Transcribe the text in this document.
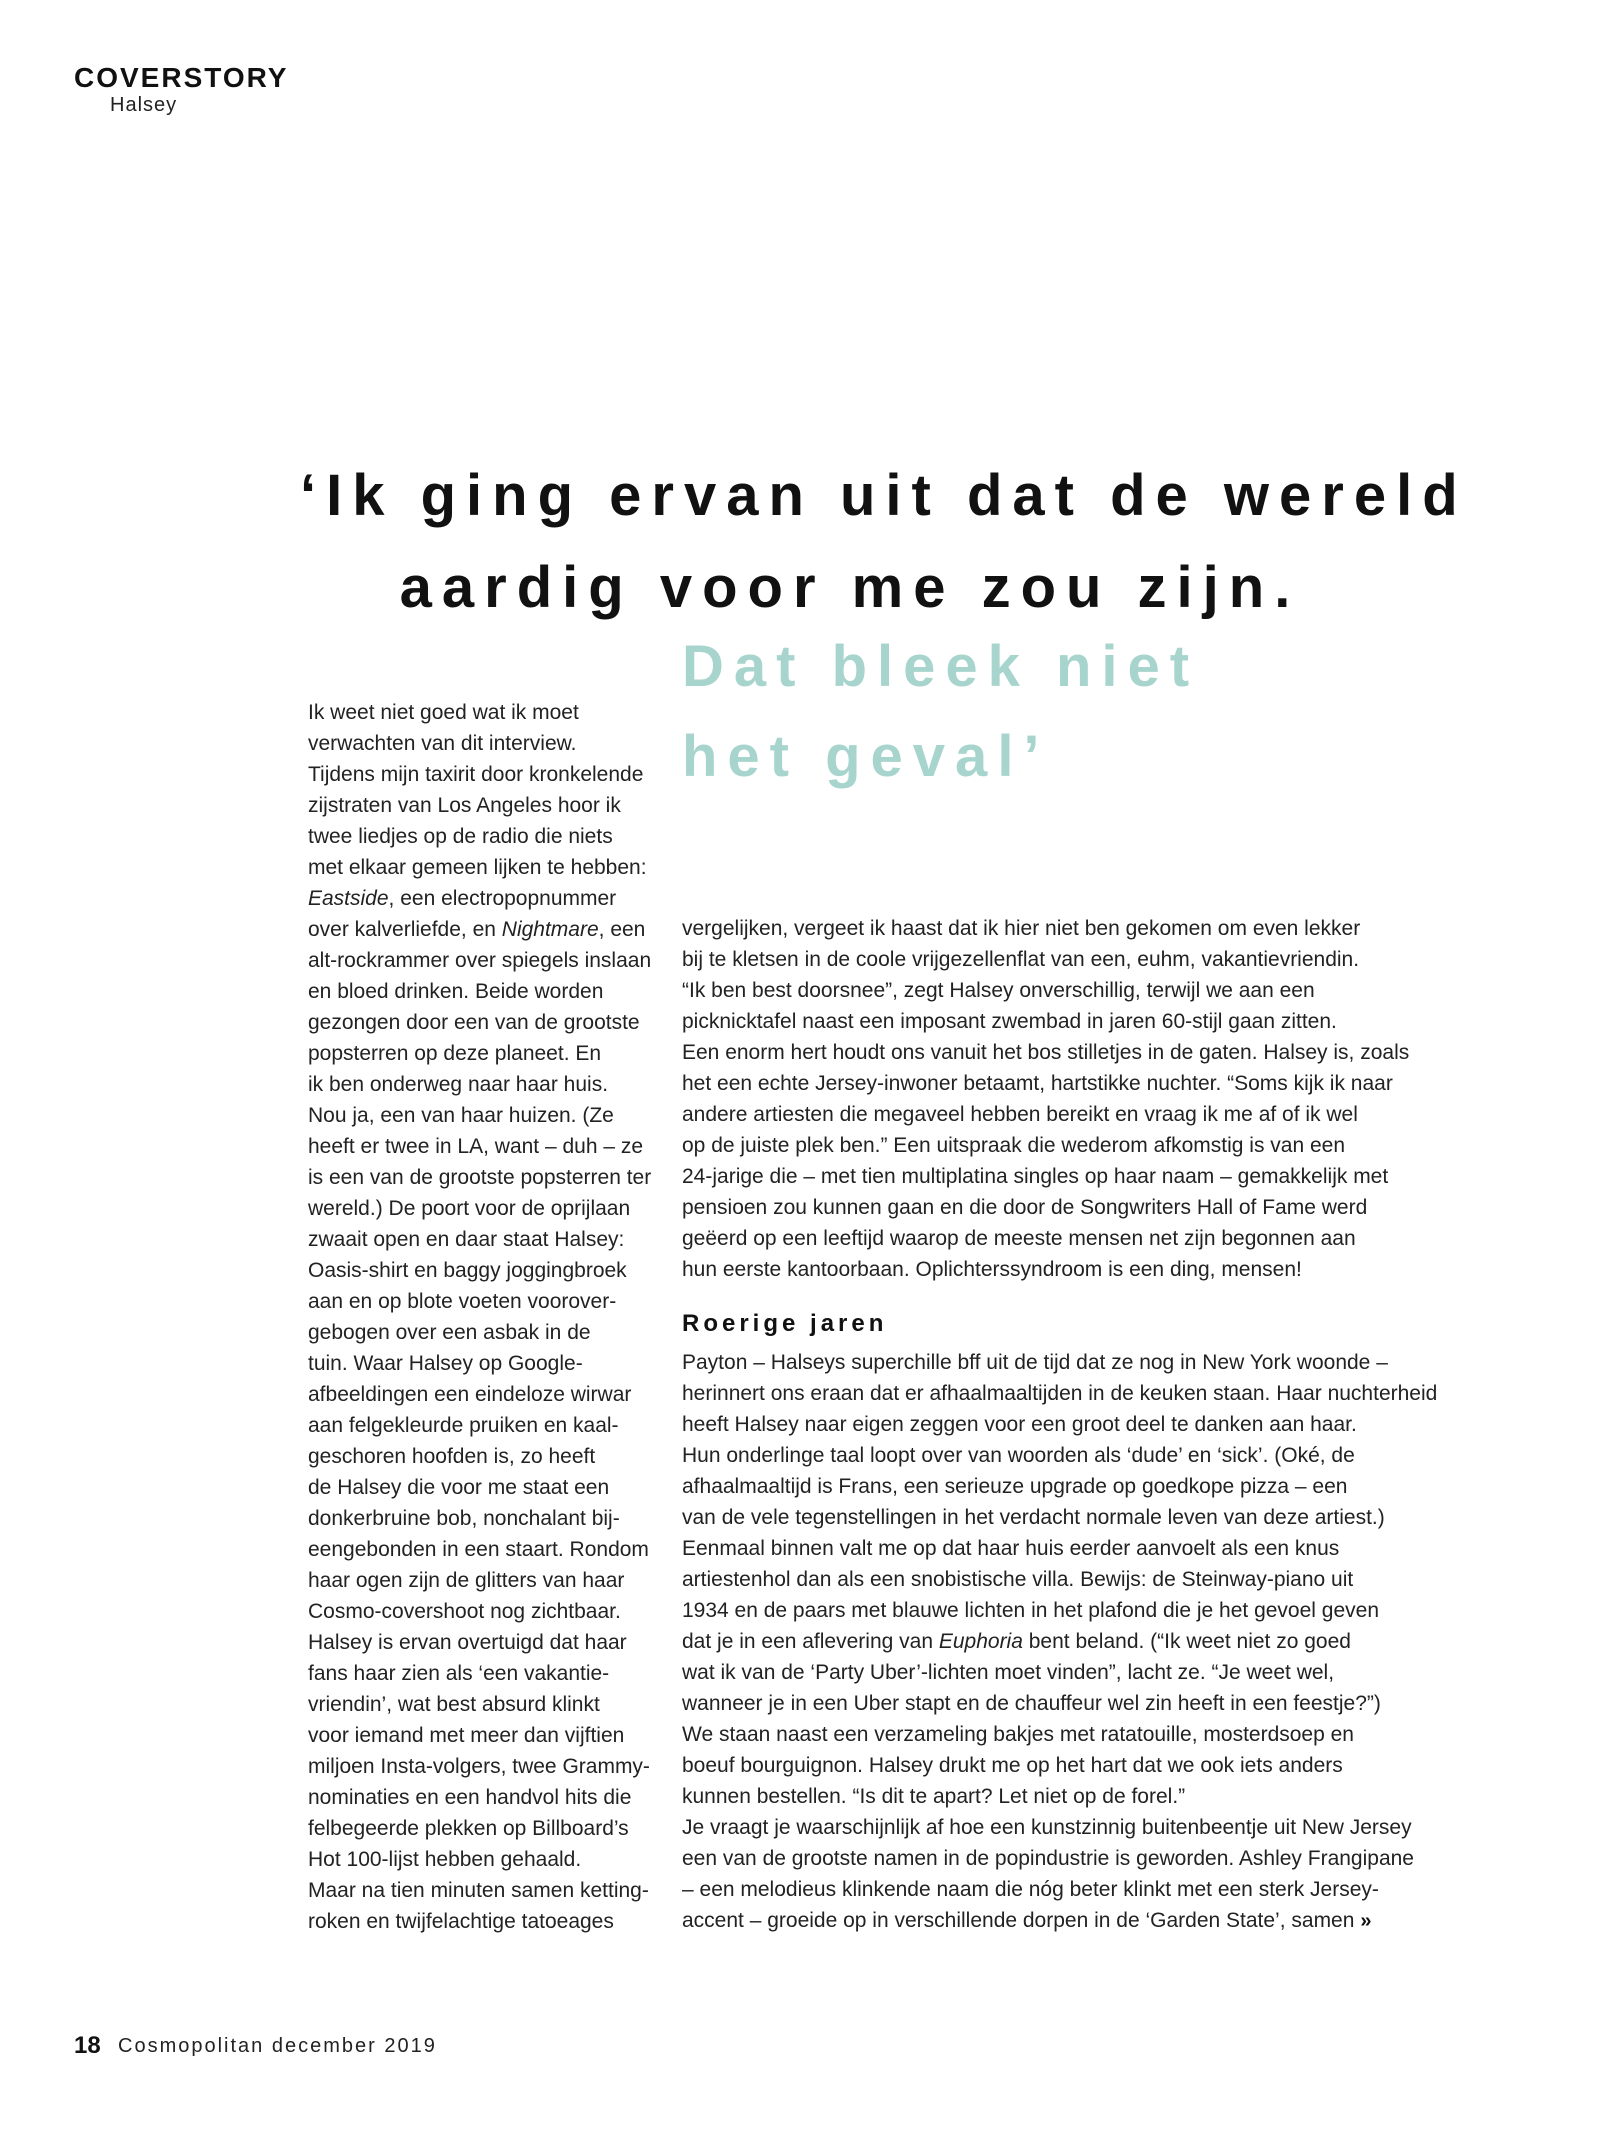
COVERSTORY
Halsey
‘Ik ging ervan uit dat de wereld
aardig voor me zou zijn.
Dat bleek niet
het geval’
Ik weet niet goed wat ik moet
verwachten van dit interview.
Tijdens mijn taxirit door kronkelende
zijstraten van Los Angeles hoor ik
twee liedjes op de radio die niets
met elkaar gemeen lijken te hebben:
Eastside, een electropopnummer
over kalverliefde, en Nightmare, een
alt-rockrammer over spiegels inslaan
en bloed drinken. Beide worden
gezongen door een van de grootste
popsterren op deze planeet. En
ik ben onderweg naar haar huis.
Nou ja, een van haar huizen. (Ze
heeft er twee in LA, want – duh – ze
is een van de grootste popsterren ter
wereld.) De poort voor de oprijlaan
zwaait open en daar staat Halsey:
Oasis-shirt en baggy joggingbroek
aan en op blote voeten voorover-
gebogen over een asbak in de
tuin. Waar Halsey op Google-
afbeeldingen een eindeloze wirwar
aan felgekleurde pruiken en kaal-
geschoren hoofden is, zo heeft
de Halsey die voor me staat een
donkerbruine bob, nonchalant bij-
eengebonden in een staart. Rondom
haar ogen zijn de glitters van haar
Cosmo-covershoot nog zichtbaar.
Halsey is ervan overtuigd dat haar
fans haar zien als ‘een vakantie-
vriendin’, wat best absurd klinkt
voor iemand met meer dan vijftien
miljoen Insta-volgers, twee Grammy-
nominaties en een handvol hits die
felbegeerde plekken op Billboard’s
Hot 100-lijst hebben gehaald.
Maar na tien minuten samen ketting-
roken en twijfelachtige tatoeages
vergelijken, vergeet ik haast dat ik hier niet ben gekomen om even lekker
bij te kletsen in de coole vrijgezellenflat van een, euhm, vakantievriendin.
“Ik ben best doorsnee”, zegt Halsey onverschillig, terwijl we aan een
picknicktafel naast een imposant zwembad in jaren 60-stijl gaan zitten.
Een enorm hert houdt ons vanuit het bos stilletjes in de gaten. Halsey is, zoals
het een echte Jersey-inwoner betaamt, hartstikke nuchter. “Soms kijk ik naar
andere artiesten die megaveel hebben bereikt en vraag ik me af of ik wel
op de juiste plek ben.” Een uitspraak die wederom afkomstig is van een
24-jarige die – met tien multiplatina singles op haar naam – gemakkelijk met
pensioen zou kunnen gaan en die door de Songwriters Hall of Fame werd
geëerd op een leeftijd waarop de meeste mensen net zijn begonnen aan
hun eerste kantoorbaan. Oplichterssyndroom is een ding, mensen!
Roerige jaren
Payton – Halseys superchille bff uit de tijd dat ze nog in New York woonde –
herinnert ons eraan dat er afhaalmaaltijden in de keuken staan. Haar nuchterheid
heeft Halsey naar eigen zeggen voor een groot deel te danken aan haar.
Hun onderlinge taal loopt over van woorden als ‘dude’ en ‘sick’. (Oké, de
afhaalmaaltijd is Frans, een serieuze upgrade op goedkope pizza – een
van de vele tegenstellingen in het verdacht normale leven van deze artiest.)
Eenmaal binnen valt me op dat haar huis eerder aanvoelt als een knus
artiestenhol dan als een snobistische villa. Bewijs: de Steinway-piano uit
1934 en de paars met blauwe lichten in het plafond die je het gevoel geven
dat je in een aflevering van Euphoria bent beland. (“Ik weet niet zo goed
wat ik van de ‘Party Uber’-lichten moet vinden”, lacht ze. “Je weet wel,
wanneer je in een Uber stapt en de chauffeur wel zin heeft in een feestje?”)
We staan naast een verzameling bakjes met ratatouille, mosterdsoep en
boeuf bourguignon. Halsey drukt me op het hart dat we ook iets anders
kunnen bestellen. “Is dit te apart? Let niet op de forel.”
Je vraagt je waarschijnlijk af hoe een kunstzinnig buitenbeentje uit New Jersey
een van de grootste namen in de popindustrie is geworden. Ashley Frangipane
– een melodieus klinkende naam die nóg beter klinkt met een sterk Jersey-
accent – groeide op in verschillende dorpen in de ‘Garden State’, samen »
18 Cosmopolitan december 2019
